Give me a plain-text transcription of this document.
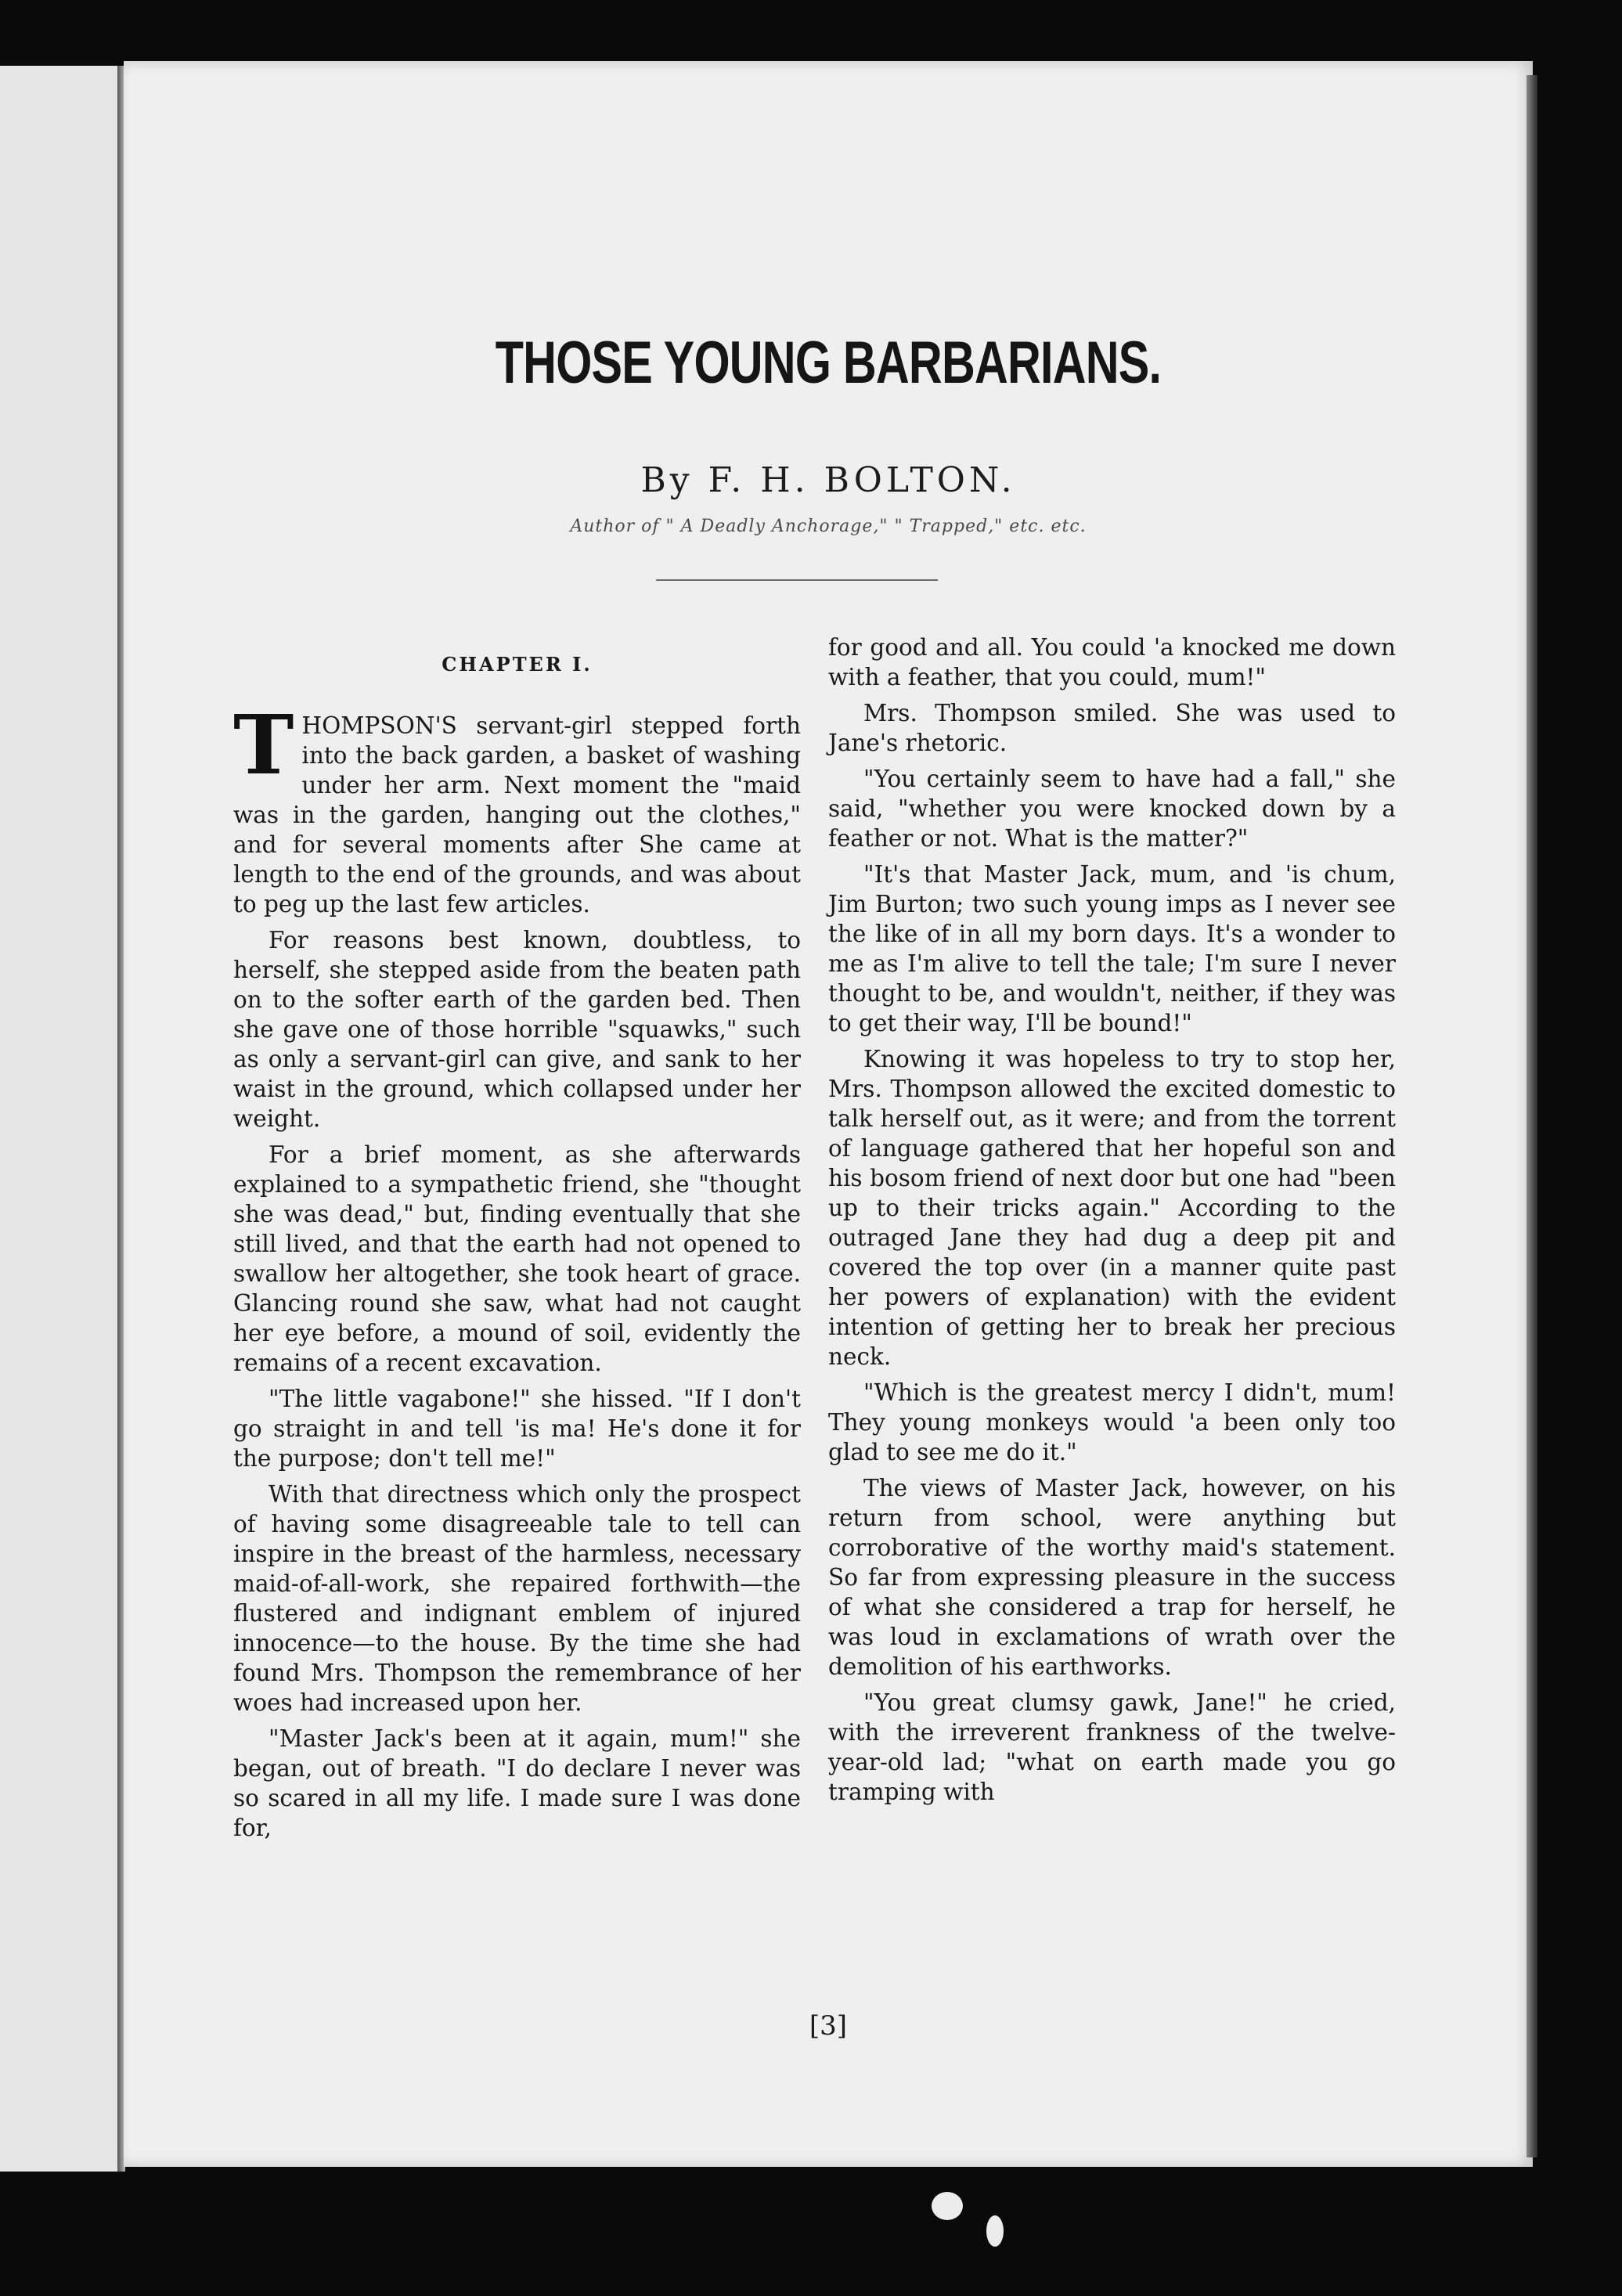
THOSE YOUNG BARBARIANS.
By F. H. BOLTON.
Author of " A Deadly Anchorage," " Trapped," etc. etc.
CHAPTER I.

THOMPSON'S servant-girl stepped forth into the back garden, a basket of washing under her arm. Next moment the "maid was in the garden, hanging out the clothes," and for several moments after She came at length to the end of the grounds, and was about to peg up the last few articles.

For reasons best known, doubtless, to herself, she stepped aside from the beaten path on to the softer earth of the garden bed. Then she gave one of those horrible "squawks," such as only a servant-girl can give, and sank to her waist in the ground, which collapsed under her weight.

For a brief moment, as she afterwards explained to a sympathetic friend, she "thought she was dead," but, finding eventually that she still lived, and that the earth had not opened to swallow her altogether, she took heart of grace. Glancing round she saw, what had not caught her eye before, a mound of soil, evidently the remains of a recent excavation.

"The little vagabone!" she hissed. "If I don't go straight in and tell 'is ma! He's done it for the purpose; don't tell me!"

With that directness which only the prospect of having some disagreeable tale to tell can inspire in the breast of the harmless, necessary maid-of-all-work, she repaired forthwith—the flustered and indignant emblem of injured innocence—to the house. By the time she had found Mrs. Thompson the remembrance of her woes had increased upon her.

"Master Jack's been at it again, mum!" she began, out of breath. "I do declare I never was so scared in all my life. I made sure I was done for,

for good and all. You could 'a knocked me down with a feather, that you could, mum!"

Mrs. Thompson smiled. She was used to Jane's rhetoric.

"You certainly seem to have had a fall," she said, "whether you were knocked down by a feather or not. What is the matter?"

"It's that Master Jack, mum, and 'is chum, Jim Burton; two such young imps as I never see the like of in all my born days. It's a wonder to me as I'm alive to tell the tale; I'm sure I never thought to be, and wouldn't, neither, if they was to get their way, I'll be bound!"

Knowing it was hopeless to try to stop her, Mrs. Thompson allowed the excited domestic to talk herself out, as it were; and from the torrent of language gathered that her hopeful son and his bosom friend of next door but one had "been up to their tricks again." According to the outraged Jane they had dug a deep pit and covered the top over (in a manner quite past her powers of explanation) with the evident intention of getting her to break her precious neck.

"Which is the greatest mercy I didn't, mum! They young monkeys would 'a been only too glad to see me do it."

The views of Master Jack, however, on his return from school, were anything but corroborative of the worthy maid's statement. So far from expressing pleasure in the success of what she considered a trap for herself, he was loud in exclamations of wrath over the demolition of his earthworks.

"You great clumsy gawk, Jane!" he cried, with the irreverent frankness of the twelve-year-old lad; "what on earth made you go tramping with

[3]
